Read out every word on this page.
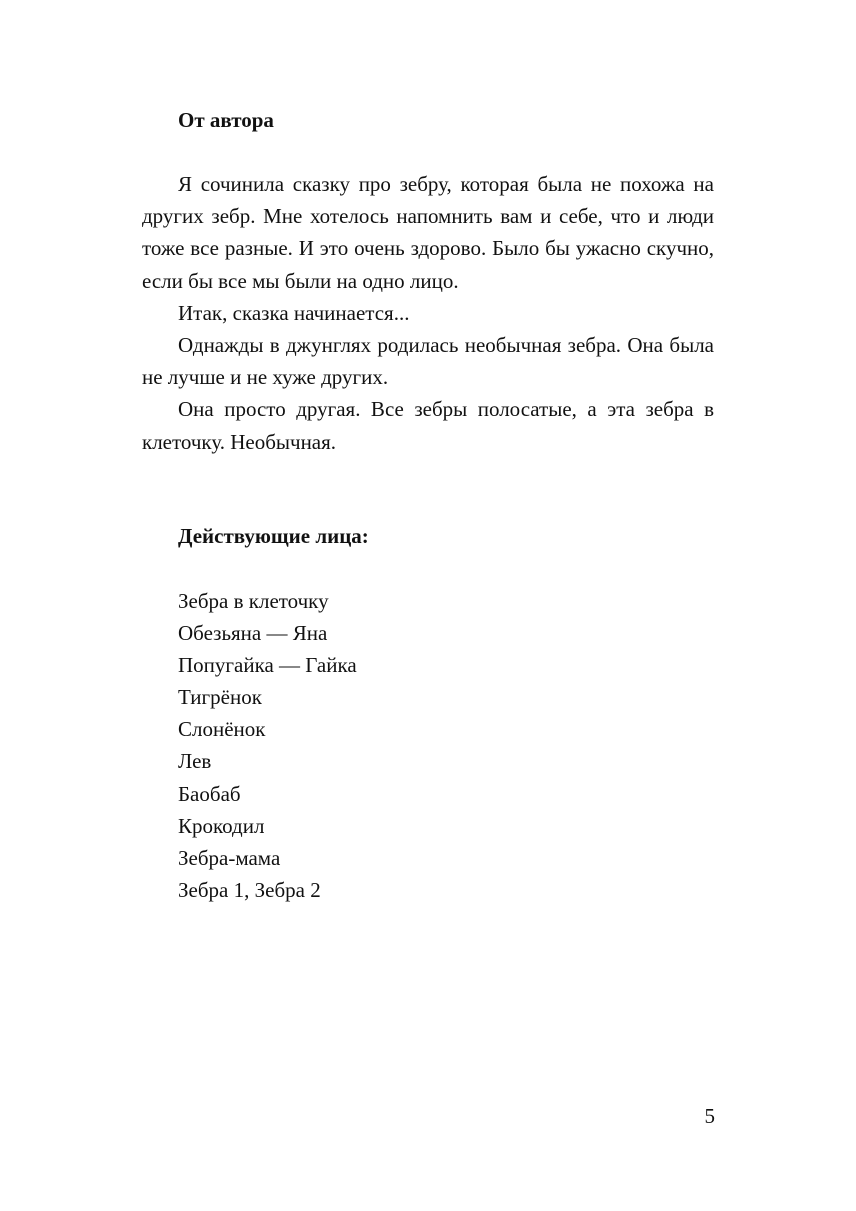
От автора

Я сочинила сказку про зебру, которая была не похожа на других зебр. Мне хотелось напомнить вам и себе, что и люди тоже все разные. И это очень здорово. Было бы ужасно скучно, если бы все мы были на одно лицо.

Итак, сказка начинается...

Однажды в джунглях родилась необычная зебра. Она была не лучше и не хуже других.

Она просто другая. Все зебры полосатые, а эта зебра в клеточку. Необычная.

Действующие лица:
Зебра в клеточку
Обезьяна — Яна
Попугайка — Гайка
Тигрёнок
Слонёнок
Лев
Баобаб
Крокодил
Зебра-мама
Зебра 1, Зебра 2
5
